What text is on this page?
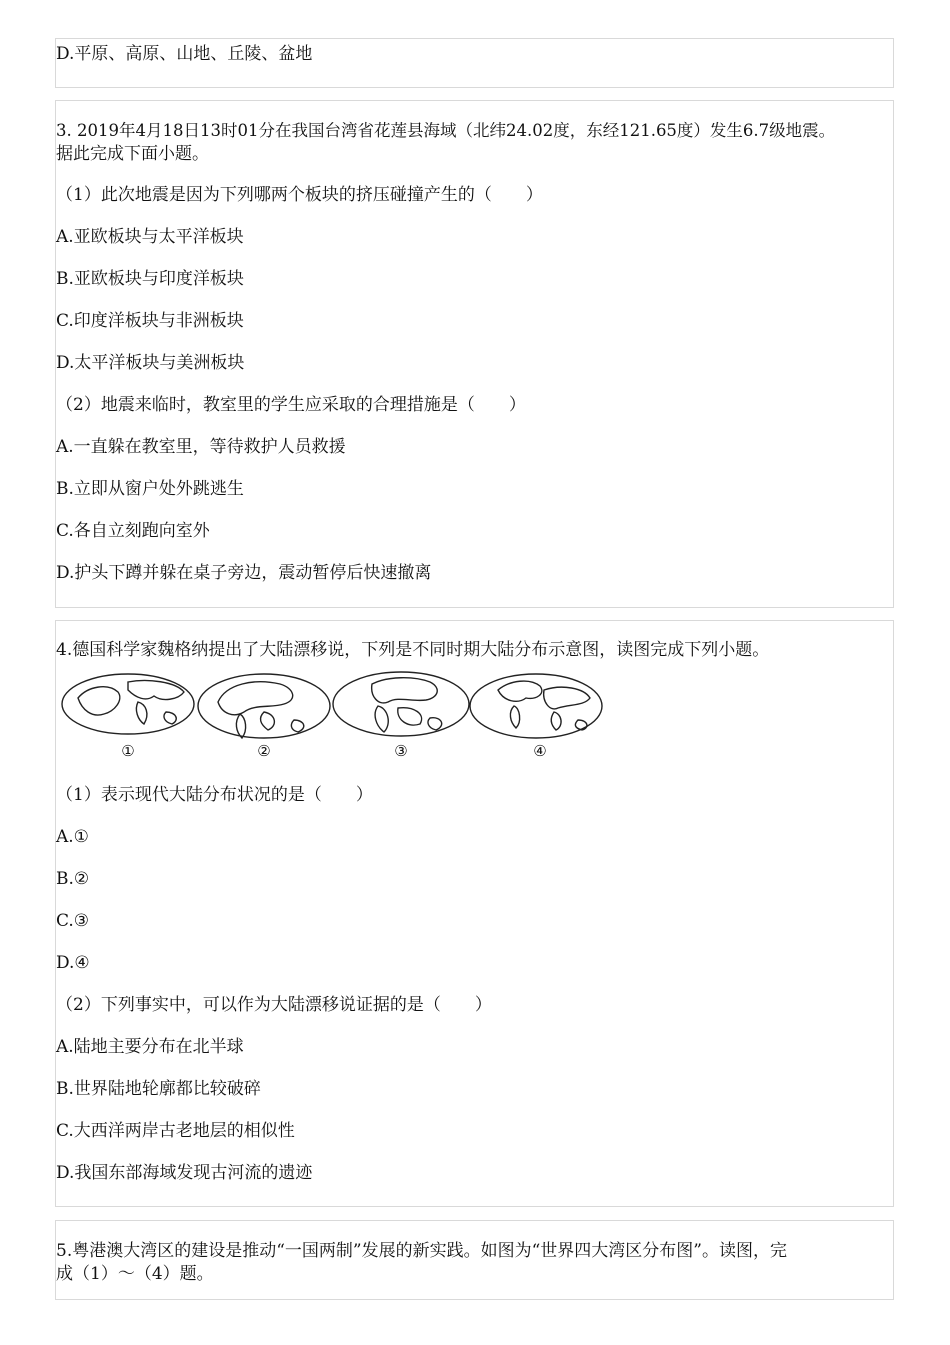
D.平原、高原、山地、丘陵、盆地
3. 2019年4月18日13时01分在我国台湾省花莲县海域（北纬24.02度，东经121.65度）发生6.7级地震。
据此完成下面小题。
（1）此次地震是因为下列哪两个板块的挤压碰撞产生的（　　）
A.亚欧板块与太平洋板块
B.亚欧板块与印度洋板块
C.印度洋板块与非洲板块
D.太平洋板块与美洲板块
（2）地震来临时，教室里的学生应采取的合理措施是（　　）
A.一直躲在教室里，等待救护人员救援
B.立即从窗户处外跳逃生
C.各自立刻跑向室外
D.护头下蹲并躲在桌子旁边，震动暂停后快速撤离
4.德国科学家魏格纳提出了大陆漂移说，下列是不同时期大陆分布示意图，读图完成下列小题。
①	②	③	④
（1）表示现代大陆分布状况的是（　　）
A.①
B.②
C.③
D.④
（2）下列事实中，可以作为大陆漂移说证据的是（　　）
A.陆地主要分布在北半球
B.世界陆地轮廓都比较破碎
C.大西洋两岸古老地层的相似性
D.我国东部海域发现古河流的遗迹
5.粤港澳大湾区的建设是推动“一国两制”发展的新实践。如图为“世界四大湾区分布图”。读图，完
成（1）～（4）题。
